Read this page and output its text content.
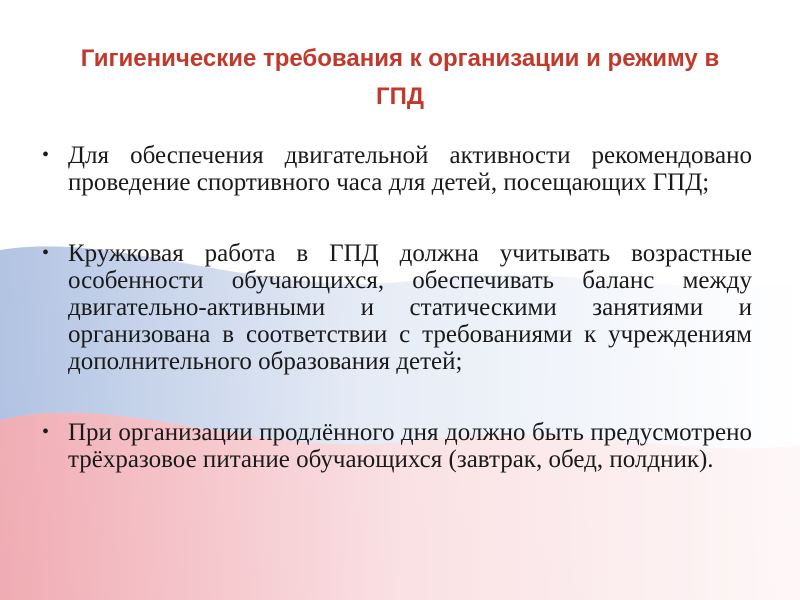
Гигиенические требования к организации и режиму в ГПД
• Для обеспечения двигательной активности рекомендовано проведение спортивного часа для детей, посещающих ГПД;
• Кружковая работа в ГПД должна учитывать возрастные особенности обучающихся, обеспечивать баланс между двигательно-активными и статическими занятиями и организована в соответствии с требованиями к учреждениям дополнительного образования детей;
• При организации продлённого дня должно быть предусмотрено трёхразовое питание обучающихся (завтрак, обед, полдник).
